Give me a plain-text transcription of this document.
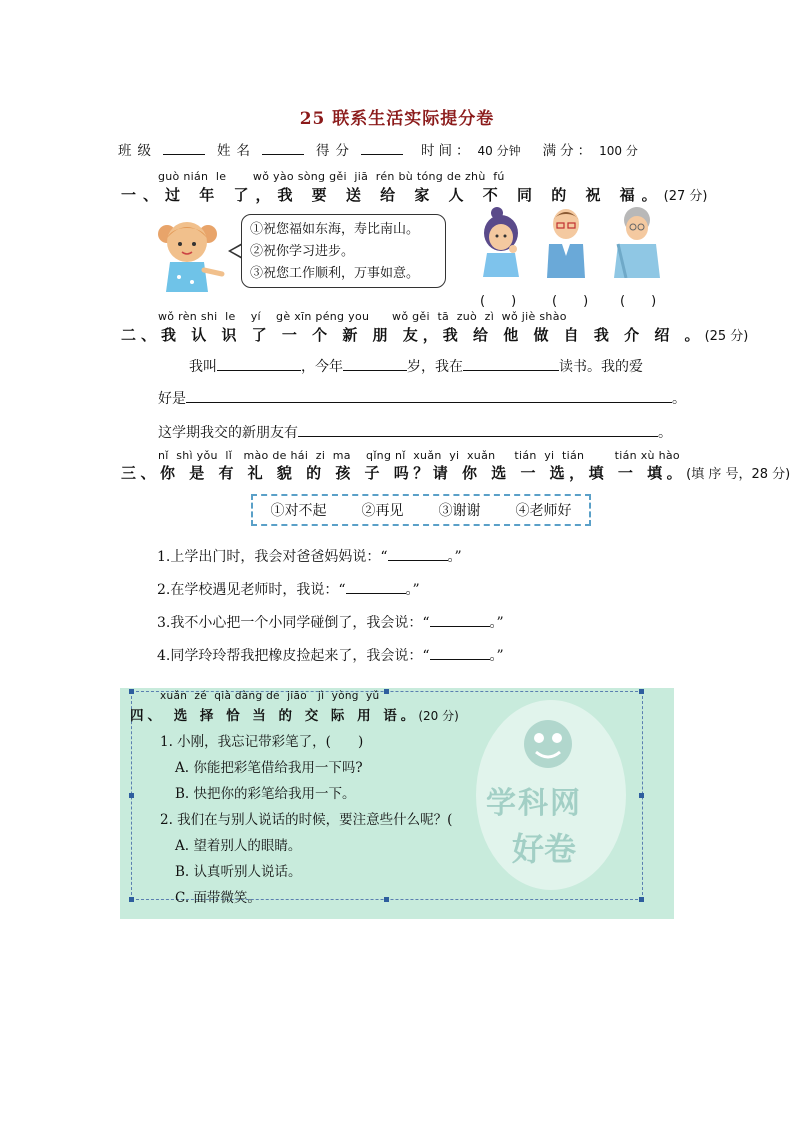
25 联系生活实际提分卷
班级	姓名	得分	时间： 40 分钟 满分： 100 分
guò nián  le       wǒ yào sòng gěi  jiā  rén bù tóng de zhù  fú
一、过 年 了，我 要 送 给 家 人 不 同 的 祝 福。(27 分)
①祝您福如东海，寿比南山。
②祝你学习进步。
③祝您工作顺利，万事如意。
(　　)	(　　) (　　)
wǒ rèn shi  le    yí    gè xīn péng you      wǒ gěi  tā  zuò  zì  wǒ jiè shào
二、我 认 识 了 一 个 新 朋 友，我 给 他 做 自 我 介 绍 。(25 分)
我叫	，今年	岁，我在	读书。我的爱
好是	。
这学期我交的新朋友有	。
nǐ  shì yǒu  lǐ   mào de hái  zi  ma    qǐng nǐ  xuǎn  yi  xuǎn     tián  yi  tián        tián xù hào
三、你 是 有 礼 貌 的 孩 子 吗？请 你 选 一 选，填 一 填。(填 序 号，28 分)
①对不起	②再见	③谢谢	④老师好
1.上学出门时，我会对爸爸妈妈说：“	。”
2.在学校遇见老师时，我说：“	。”
3.我不小心把一个小同学碰倒了，我会说：“	。”
4.同学玲玲帮我把橡皮捡起来了，我会说：“	。”
学科网
好卷
xuǎn  zé  qià dàng de  jiāo   jì  yòng  yǔ
四、 选 择 恰 当 的 交 际 用 语。(20 分)
1. 小刚，我忘记带彩笔了，(　　)
A. 你能把彩笔借给我用一下吗?
B. 快把你的彩笔给我用一下。
2. 我们在与别人说话的时候，要注意些什么呢？(
A. 望着别人的眼睛。
B. 认真听别人说话。
C. 面带微笑。
